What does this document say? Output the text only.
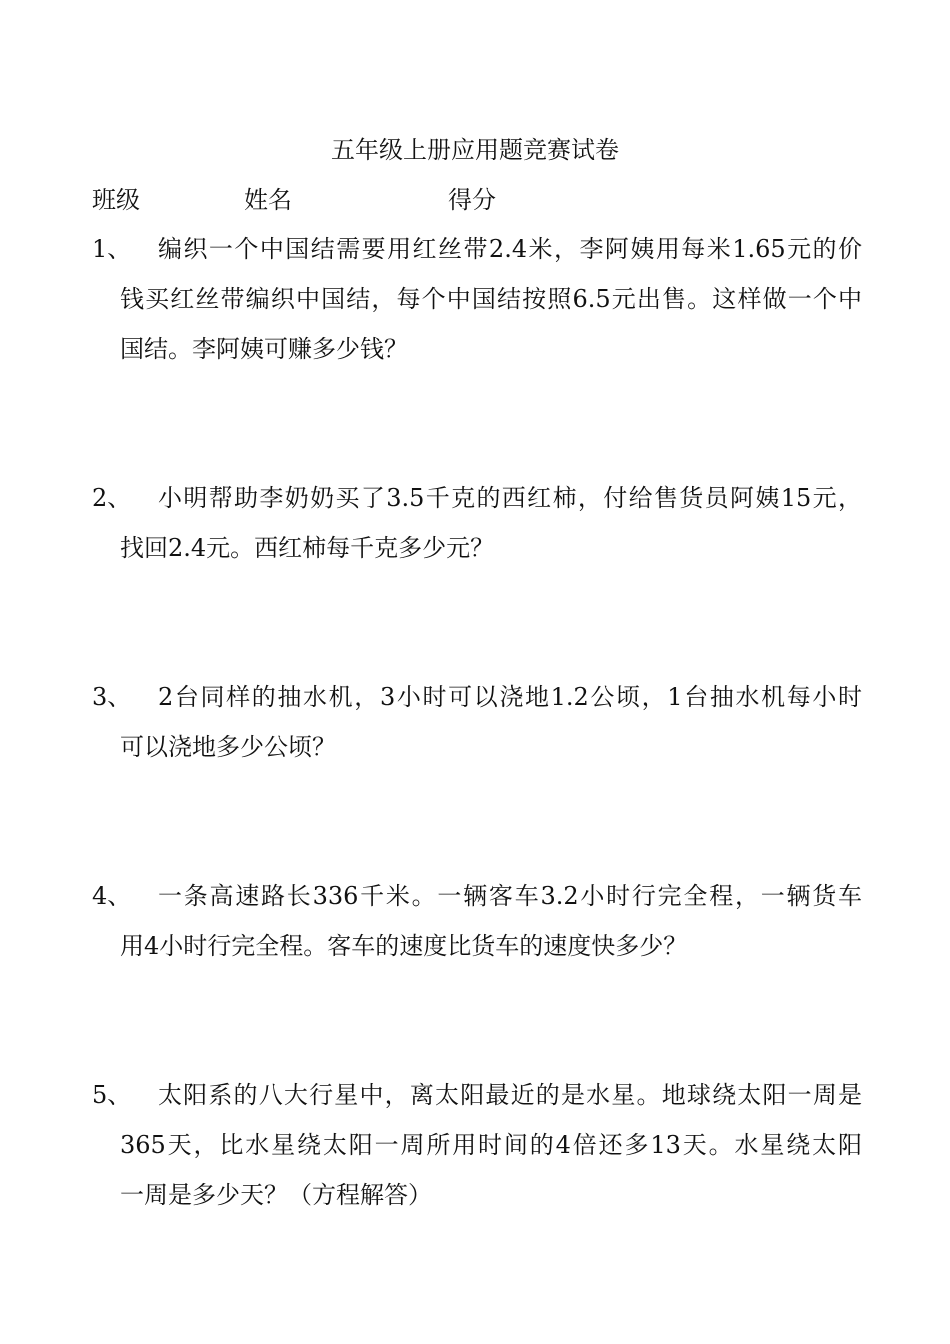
五年级上册应用题竞赛试卷
班级	姓名	得分
1、	编织一个中国结需要用红丝带2.4米，李阿姨用每米1.65元的价
钱买红丝带编织中国结，每个中国结按照6.5元出售。这样做一个中
国结。李阿姨可赚多少钱？
2、	小明帮助李奶奶买了3.5千克的西红柿，付给售货员阿姨15元，
找回2.4元。西红柿每千克多少元？
3、	2台同样的抽水机，3小时可以浇地1.2公顷，1台抽水机每小时
可以浇地多少公顷？
4、	一条高速路长336千米。一辆客车3.2小时行完全程，一辆货车
用4小时行完全程。客车的速度比货车的速度快多少？
5、	太阳系的八大行星中，离太阳最近的是水星。地球绕太阳一周是
365天，比水星绕太阳一周所用时间的4倍还多13天。水星绕太阳
一周是多少天？（方程解答）
